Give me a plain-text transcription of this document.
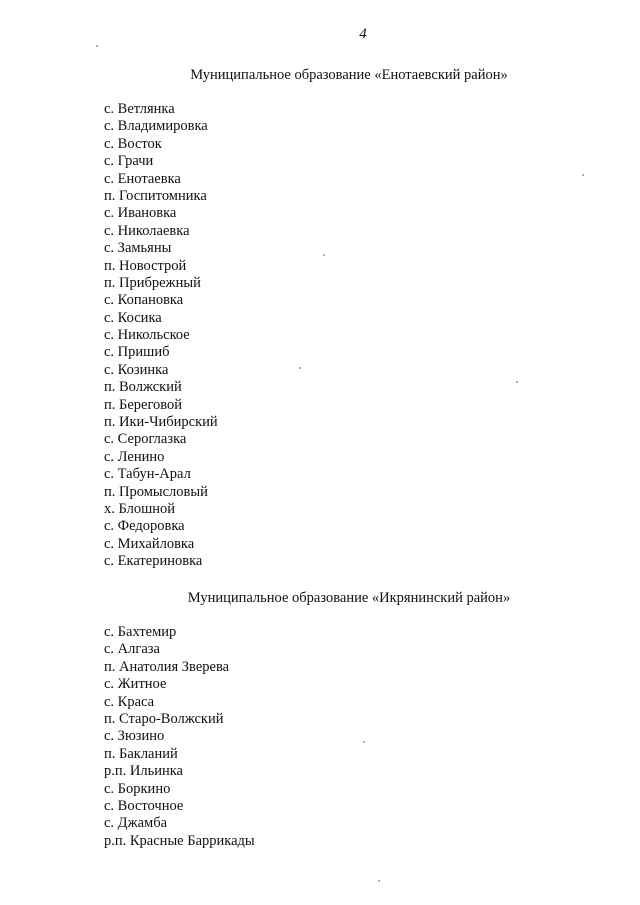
4
Муниципальное образование «Енотаевский район»
с. Ветлянка
с. Владимировка
с. Восток
с. Грачи
с. Енотаевка
п. Госпитомника
с. Ивановка
с. Николаевка
с. Замьяны
п. Новострой
п. Прибрежный
с. Копановка
с. Косика
с. Никольское
с. Пришиб
с. Козинка
п. Волжский
п. Береговой
п. Ики-Чибирский
с. Сероглазка
с. Ленино
с. Табун-Арал
п. Промысловый
х. Блошной
с. Федоровка
с. Михайловка
с. Екатериновка
Муниципальное образование «Икрянинский район»
с. Бахтемир
с. Алгаза
п. Анатолия Зверева
с. Житное
с. Краса
п. Старо-Волжский
с. Зюзино
п. Бакланий
р.п. Ильинка
с. Боркино
с. Восточное
с. Джамба
р.п. Красные Баррикады
